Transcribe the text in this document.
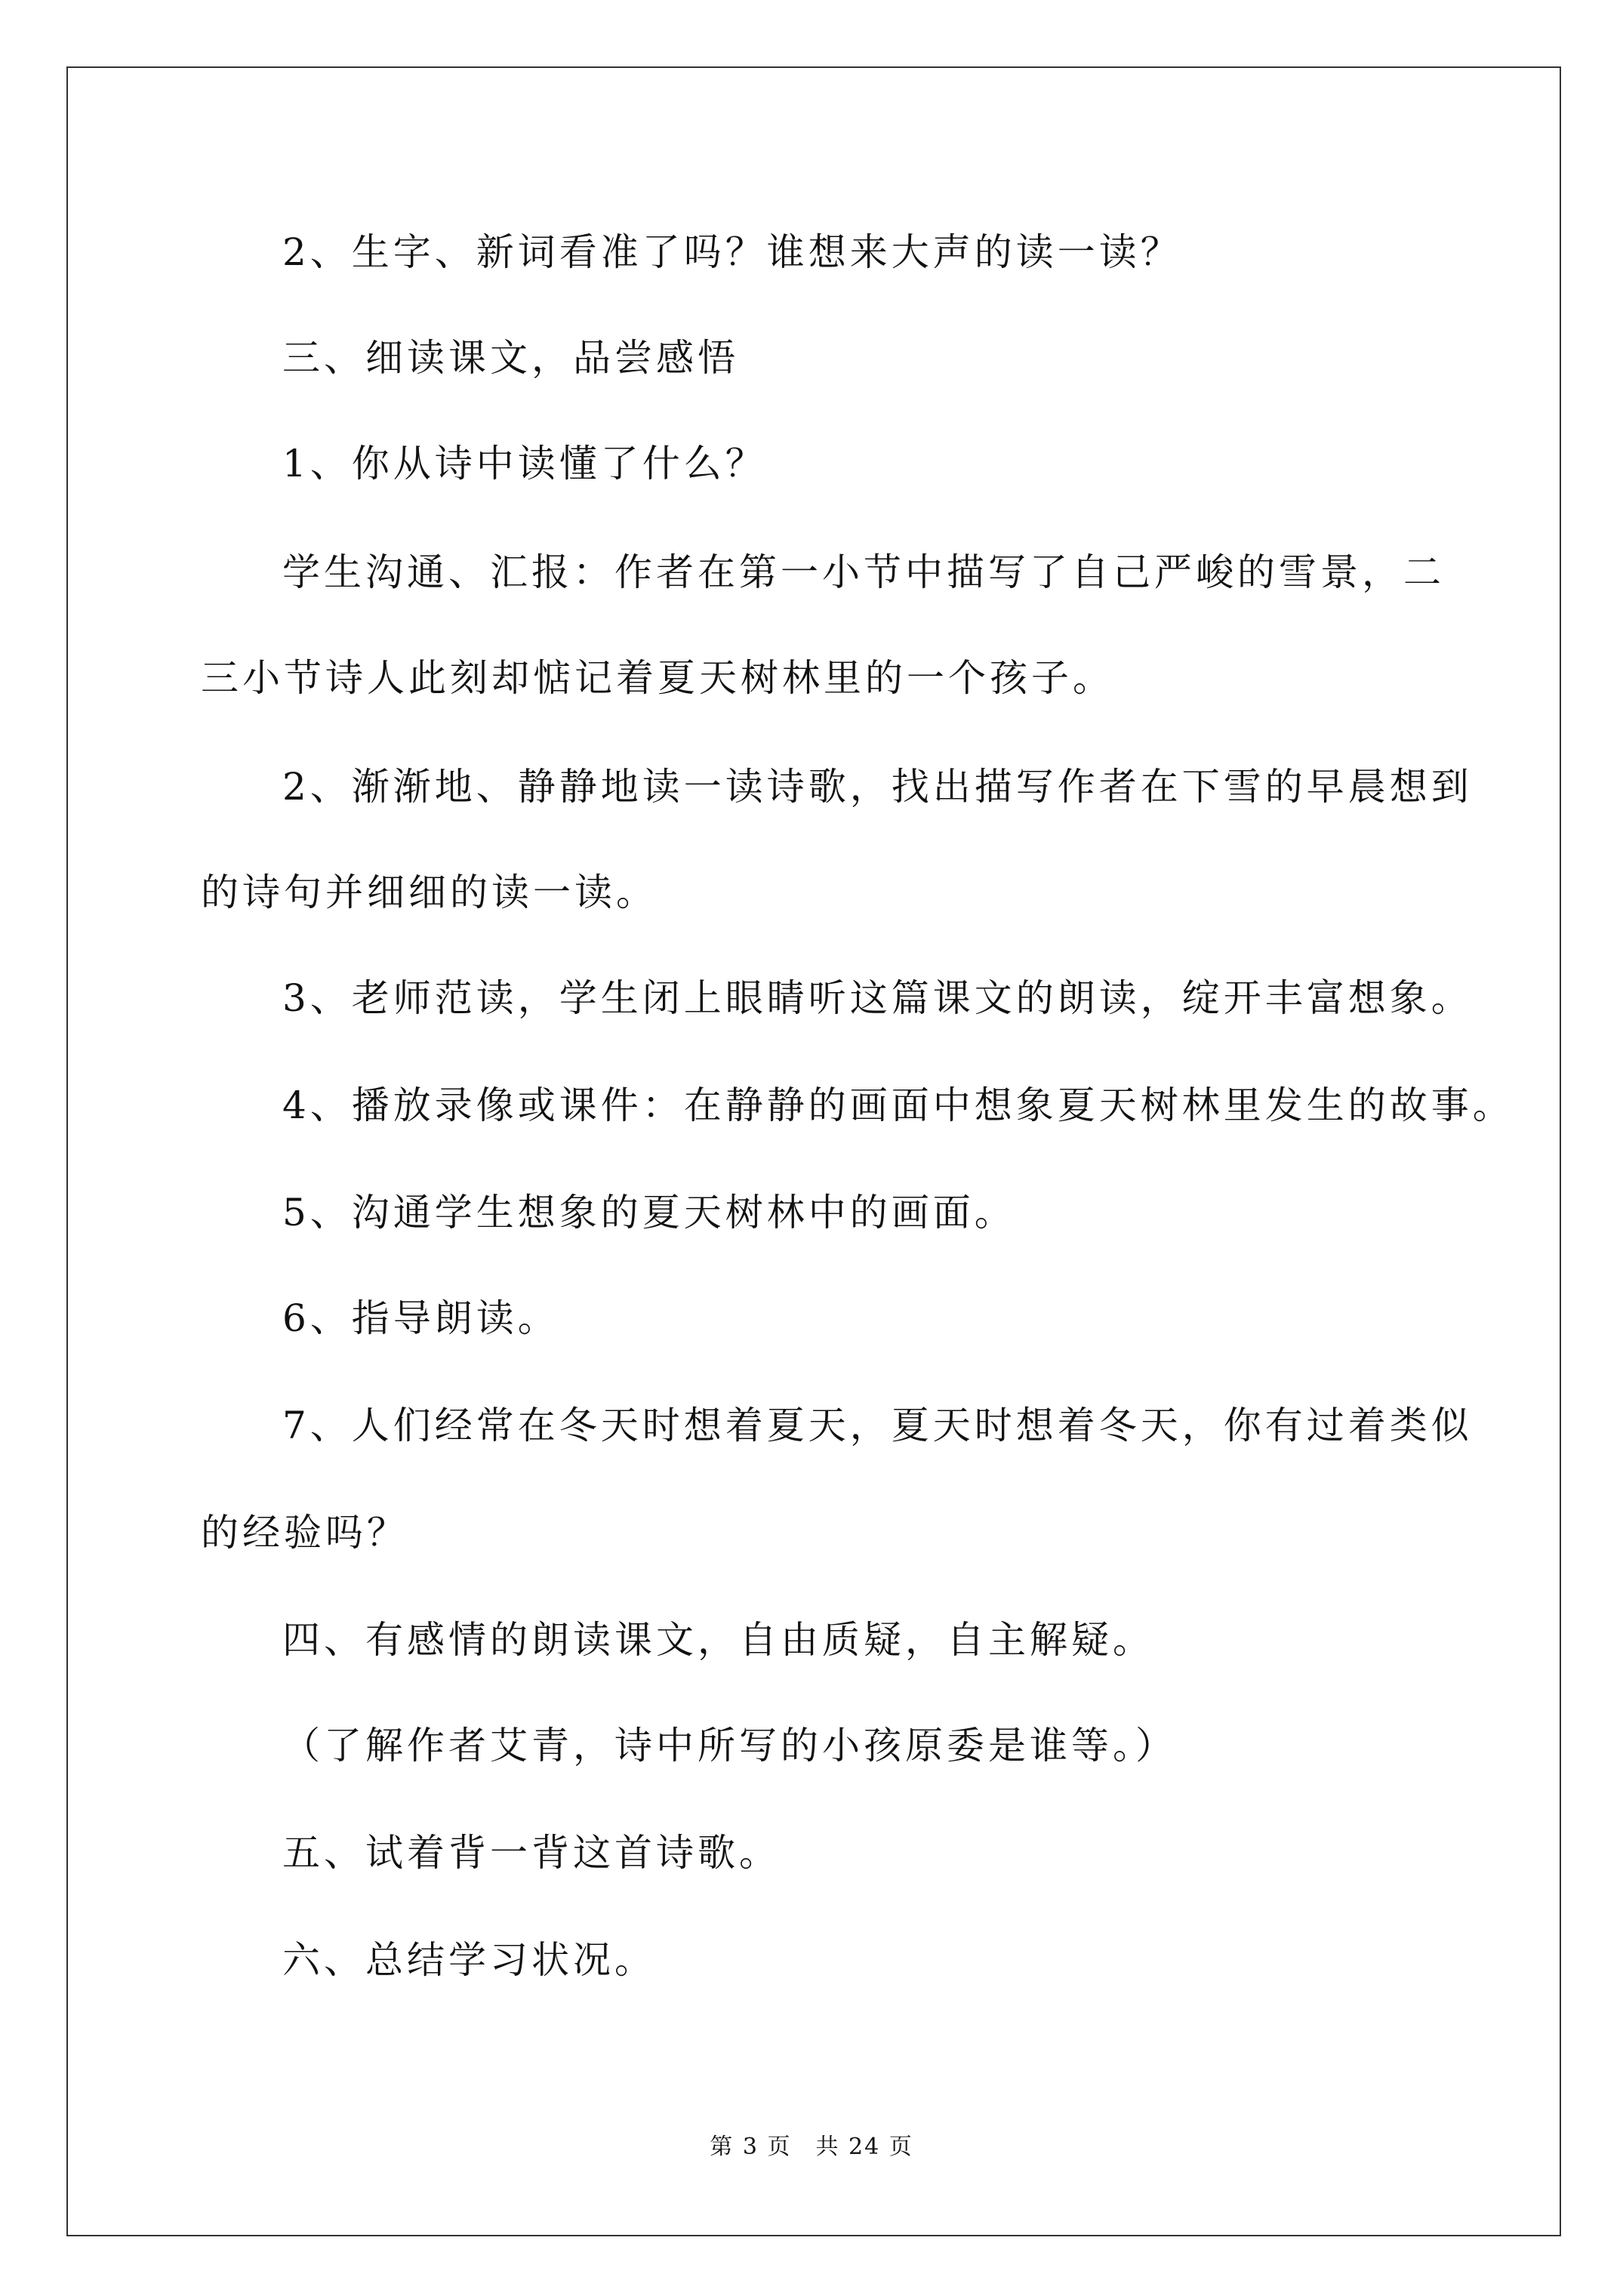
2、生字、新词看准了吗？谁想来大声的读一读？
三、细读课文，品尝感悟
1、你从诗中读懂了什么？
学生沟通、汇报：作者在第一小节中描写了自己严峻的雪景，二
三小节诗人此刻却惦记着夏天树林里的一个孩子。
2、渐渐地、静静地读一读诗歌，找出描写作者在下雪的早晨想到
的诗句并细细的读一读。
3、老师范读，学生闭上眼睛听这篇课文的朗读，绽开丰富想象。
4、播放录像或课件：在静静的画面中想象夏天树林里发生的故事。
5、沟通学生想象的夏天树林中的画面。
6、指导朗读。
7、人们经常在冬天时想着夏天，夏天时想着冬天，你有过着类似
的经验吗？
四、有感情的朗读课文，自由质疑，自主解疑。
（了解作者艾青，诗中所写的小孩原委是谁等。）
五、试着背一背这首诗歌。
六、总结学习状况。
第 3 页　共 24 页
